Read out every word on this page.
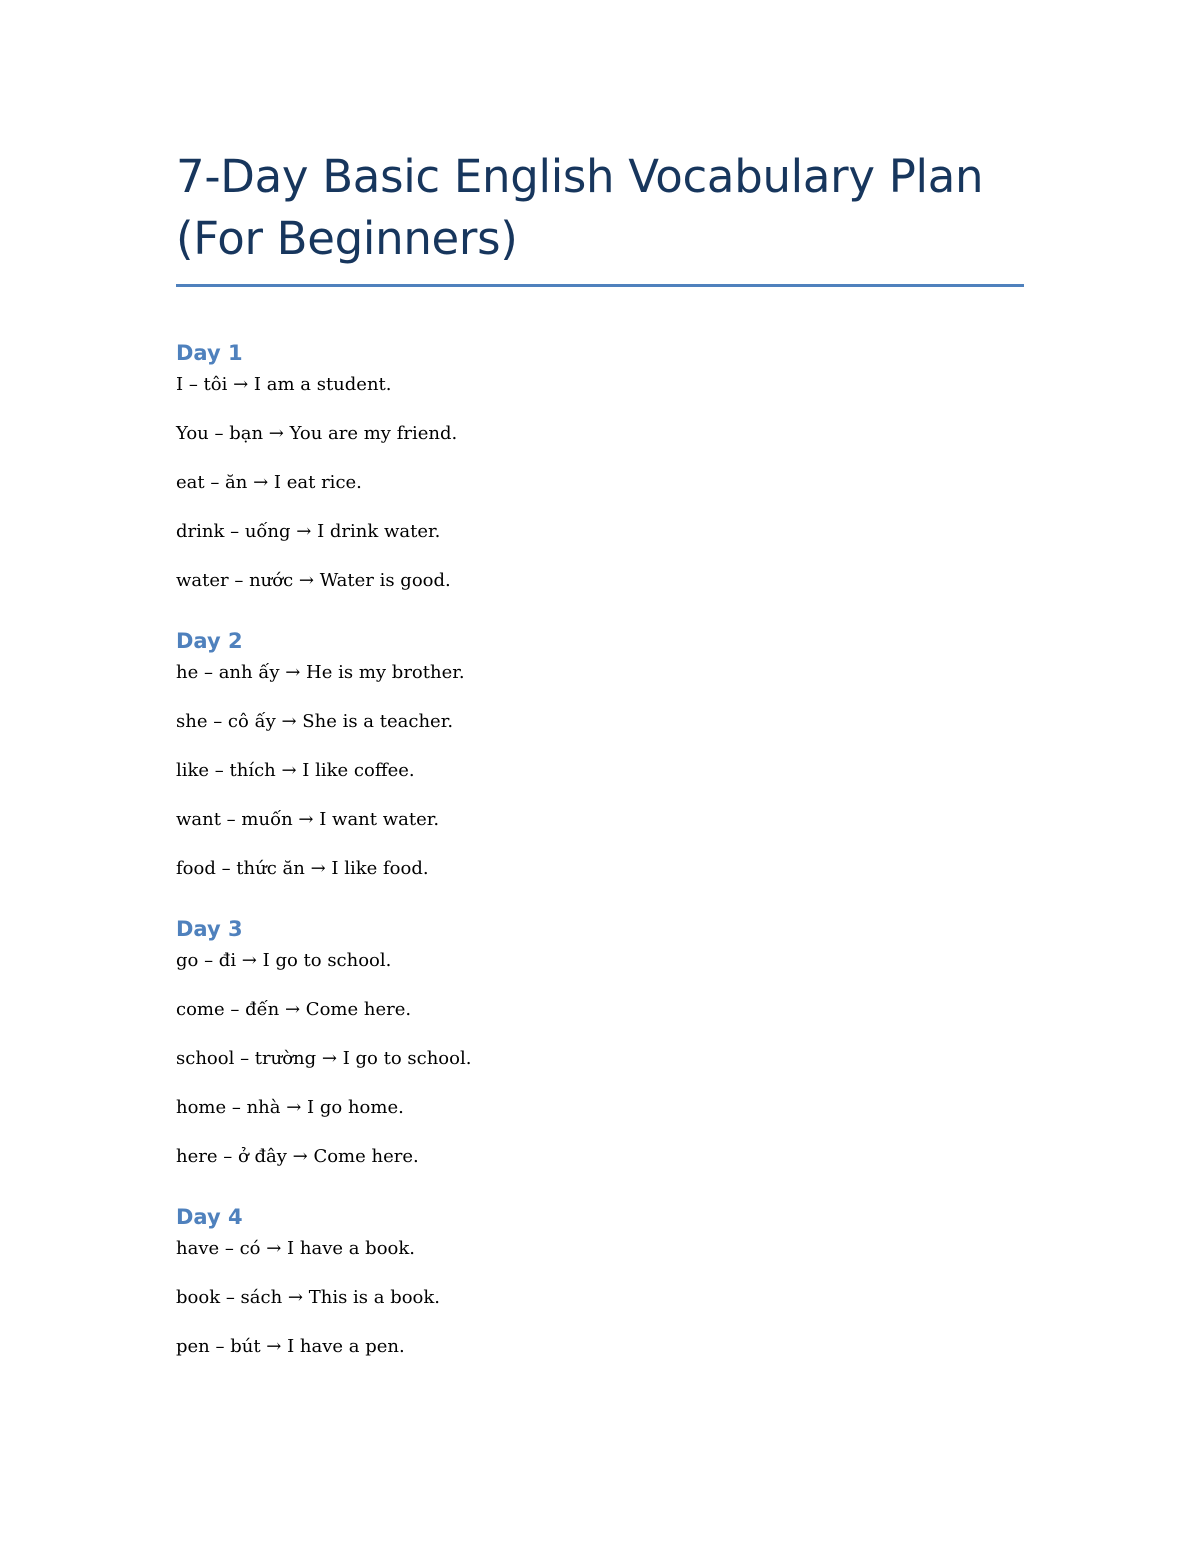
7-Day Basic English Vocabulary Plan
(For Beginners)
Day 1
I – tôi → I am a student.
You – bạn → You are my friend.
eat – ăn → I eat rice.
drink – uống → I drink water.
water – nước → Water is good.
Day 2
he – anh ấy → He is my brother.
she – cô ấy → She is a teacher.
like – thích → I like coffee.
want – muốn → I want water.
food – thức ăn → I like food.
Day 3
go – đi → I go to school.
come – đến → Come here.
school – trường → I go to school.
home – nhà → I go home.
here – ở đây → Come here.
Day 4
have – có → I have a book.
book – sách → This is a book.
pen – bút → I have a pen.
